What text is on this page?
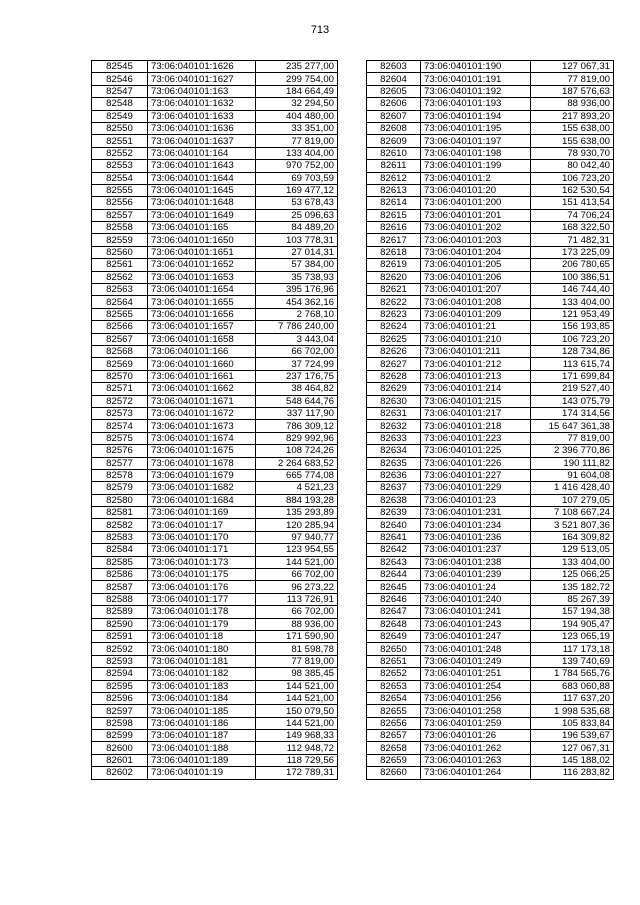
713
82545	73:06:040101:1626	235 277,00
82546	73:06:040101:1627	299 754,00
82547	73:06:040101:163	184 664,49
82548	73:06:040101:1632	32 294,50
82549	73:06:040101:1633	404 480,00
82550	73:06:040101:1636	33 351,00
82551	73:06:040101:1637	77 819,00
82552	73:06:040101:164	133 404,00
82553	73:06:040101:1643	970 752,00
82554	73:06:040101:1644	69 703,59
82555	73:06:040101:1645	169 477,12
82556	73:06:040101:1648	53 678,43
82557	73:06:040101:1649	25 096,63
82558	73:06:040101:165	84 489,20
82559	73:06:040101:1650	103 778,31
82560	73:06:040101:1651	27 014,31
82561	73:06:040101:1652	57 384,00
82562	73:06:040101:1653	35 738,93
82563	73:06:040101:1654	395 176,96
82564	73:06:040101:1655	454 362,16
82565	73:06:040101:1656	2 768,10
82566	73:06:040101:1657	7 786 240,00
82567	73:06:040101:1658	3 443,04
82568	73:06:040101:166	66 702,00
82569	73:06:040101:1660	37 724,99
82570	73:06:040101:1661	237 176,75
82571	73:06:040101:1662	38 464,82
82572	73:06:040101:1671	548 644,76
82573	73:06:040101:1672	337 117,90
82574	73:06:040101:1673	786 309,12
82575	73:06:040101:1674	829 992,96
82576	73:06:040101:1675	108 724,26
82577	73:06:040101:1678	2 264 683,52
82578	73:06:040101:1679	665 774,08
82579	73:06:040101:1682	4 521,23
82580	73:06:040101:1684	884 193,28
82581	73:06:040101:169	135 293,89
82582	73:06:040101:17	120 285,94
82583	73:06:040101:170	97 940,77
82584	73:06:040101:171	123 954,55
82585	73:06:040101:173	144 521,00
82586	73:06:040101:175	66 702,00
82587	73:06:040101:176	96 273,22
82588	73:06:040101:177	113 726,91
82589	73:06:040101:178	66 702,00
82590	73:06:040101:179	88 936,00
82591	73:06:040101:18	171 590,90
82592	73:06:040101:180	81 598,78
82593	73:06:040101:181	77 819,00
82594	73:06:040101:182	98 385,45
82595	73:06:040101:183	144 521,00
82596	73:06:040101:184	144 521,00
82597	73:06:040101:185	150 079,50
82598	73:06:040101:186	144 521,00
82599	73:06:040101:187	149 968,33
82600	73:06:040101:188	112 948,72
82601	73:06:040101:189	118 729,56
82602	73:06:040101:19	172 789,31
82603	73:06:040101:190	127 067,31
82604	73:06:040101:191	77 819,00
82605	73:06:040101:192	187 576,63
82606	73:06:040101:193	88 936,00
82607	73:06:040101:194	217 893,20
82608	73:06:040101:195	155 638,00
82609	73:06:040101:197	155 638,00
82610	73:06:040101:198	78 930,70
82611	73:06:040101:199	80 042,40
82612	73:06:040101:2	106 723,20
82613	73:06:040101:20	162 530,54
82614	73:06:040101:200	151 413,54
82615	73:06:040101:201	74 706,24
82616	73:06:040101:202	168 322,50
82617	73:06:040101:203	71 482,31
82618	73:06:040101:204	173 225,09
82619	73:06:040101:205	206 780,65
82620	73:06:040101:206	100 386,51
82621	73:06:040101:207	146 744,40
82622	73:06:040101:208	133 404,00
82623	73:06:040101:209	121 953,49
82624	73:06:040101:21	156 193,85
82625	73:06:040101:210	106 723,20
82626	73:06:040101:211	128 734,86
82627	73:06:040101:212	113 615,74
82628	73:06:040101:213	171 699,84
82629	73:06:040101:214	219 527,40
82630	73:06:040101:215	143 075,79
82631	73:06:040101:217	174 314,56
82632	73:06:040101:218	15 647 361,38
82633	73:06:040101:223	77 819,00
82634	73:06:040101:225	2 396 770,86
82635	73:06:040101:226	190 111,82
82636	73:06:040101:227	91 604,08
82637	73:06:040101:229	1 416 428,40
82638	73:06:040101:23	107 279,05
82639	73:06:040101:231	7 108 667,24
82640	73:06:040101:234	3 521 807,36
82641	73:06:040101:236	164 309,82
82642	73:06:040101:237	129 513,05
82643	73:06:040101:238	133 404,00
82644	73:06:040101:239	125 066,25
82645	73:06:040101:24	135 182,72
82646	73:06:040101:240	85 267,39
82647	73:06:040101:241	157 194,38
82648	73:06:040101:243	194 905,47
82649	73:06:040101:247	123 065,19
82650	73:06:040101:248	117 173,18
82651	73:06:040101:249	139 740,69
82652	73:06:040101:251	1 784 565,76
82653	73:06:040101:254	683 060,88
82654	73:06:040101:256	117 637,20
82655	73:06:040101:258	1 998 535,68
82656	73:06:040101:259	105 833,84
82657	73:06:040101:26	196 539,67
82658	73:06:040101:262	127 067,31
82659	73:06:040101:263	145 188,02
82660	73:06:040101:264	116 283,82
